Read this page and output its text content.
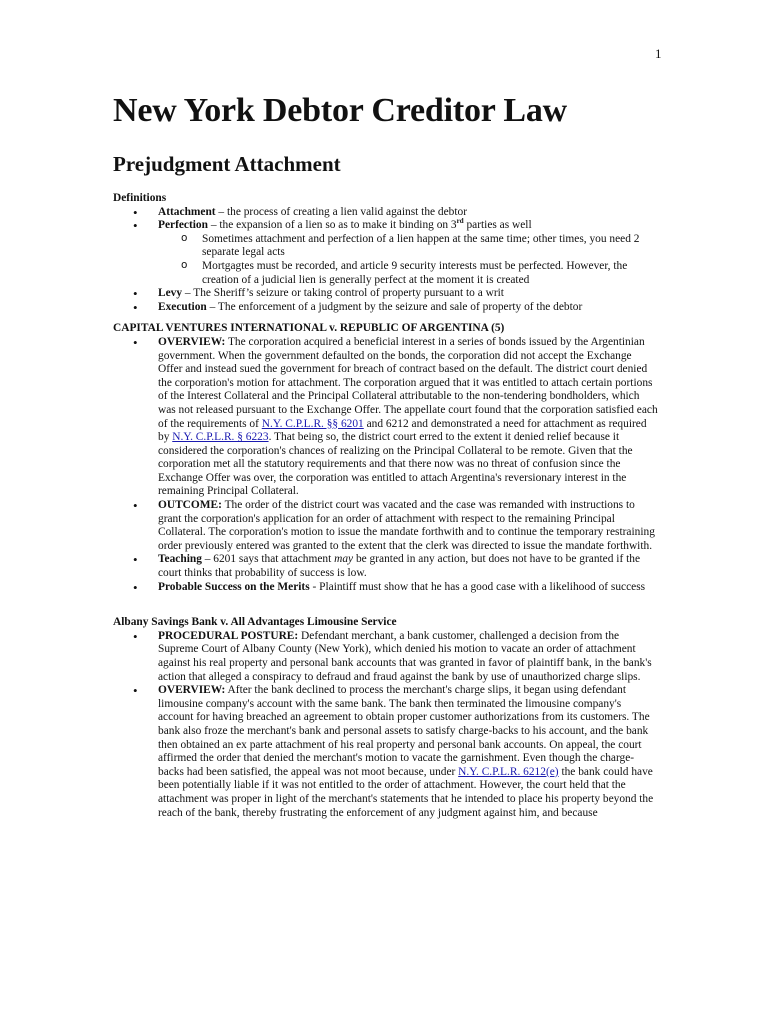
1
New York Debtor Creditor Law
Prejudgment Attachment

Definitions

• Attachment – the process of creating a lien valid against the debtor
• Perfection – the expansion of a lien so as to make it binding on 3rd parties as well
o Sometimes attachment and perfection of a lien happen at the same time; other times, you need 2 separate legal acts
o Mortgagtes must be recorded, and article 9 security interests must be perfected. However, the creation of a judicial lien is generally perfect at the moment it is created
• Levy – The Sheriff’s seizure or taking control of property pursuant to a writ
• Execution – The enforcement of a judgment by the seizure and sale of property of the debtor

CAPITAL VENTURES INTERNATIONAL v. REPUBLIC OF ARGENTINA (5)

• OVERVIEW: The corporation acquired a beneficial interest in a series of bonds issued by the Argentinian government. When the government defaulted on the bonds, the corporation did not accept the Exchange Offer and instead sued the government for breach of contract based on the default. The district court denied the corporation's motion for attachment. The corporation argued that it was entitled to attach certain portions of the Interest Collateral and the Principal Collateral attributable to the non-tendering bondholders, which was not released pursuant to the Exchange Offer. The appellate court found that the corporation satisfied each of the requirements of N.Y. C.P.L.R. §§ 6201 and 6212 and demonstrated a need for attachment as required by N.Y. C.P.L.R. § 6223. That being so, the district court erred to the extent it denied relief because it considered the corporation's chances of realizing on the Principal Collateral to be remote. Given that the corporation met all the statutory requirements and that there now was no threat of confusion since the Exchange Offer was over, the corporation was entitled to attach Argentina's reversionary interest in the remaining Principal Collateral.
• OUTCOME: The order of the district court was vacated and the case was remanded with instructions to grant the corporation's application for an order of attachment with respect to the remaining Principal Collateral. The corporation's motion to issue the mandate forthwith and to continue the temporary restraining order previously entered was granted to the extent that the clerk was directed to issue the mandate forthwith.
• Teaching – 6201 says that attachment may be granted in any action, but does not have to be granted if the court thinks that probability of success is low.
• Probable Success on the Merits - Plaintiff must show that he has a good case with a likelihood of success

Albany Savings Bank v. All Advantages Limousine Service

• PROCEDURAL POSTURE: Defendant merchant, a bank customer, challenged a decision from the Supreme Court of Albany County (New York), which denied his motion to vacate an order of attachment against his real property and personal bank accounts that was granted in favor of plaintiff bank, in the bank's action that alleged a conspiracy to defraud and fraud against the bank by use of unauthorized charge slips.
• OVERVIEW: After the bank declined to process the merchant's charge slips, it began using defendant limousine company's account with the same bank. The bank then terminated the limousine company's account for having breached an agreement to obtain proper customer authorizations from its customers. The bank also froze the merchant's bank and personal assets to satisfy charge-backs to his account, and the bank then obtained an ex parte attachment of his real property and personal bank accounts. On appeal, the court affirmed the order that denied the merchant's motion to vacate the garnishment. Even though the charge-backs had been satisfied, the appeal was not moot because, under N.Y. C.P.L.R. 6212(e) the bank could have been potentially liable if it was not entitled to the order of attachment. However, the court held that the attachment was proper in light of the merchant's statements that he intended to place his property beyond the reach of the bank, thereby frustrating the enforcement of any judgment against him, and because
